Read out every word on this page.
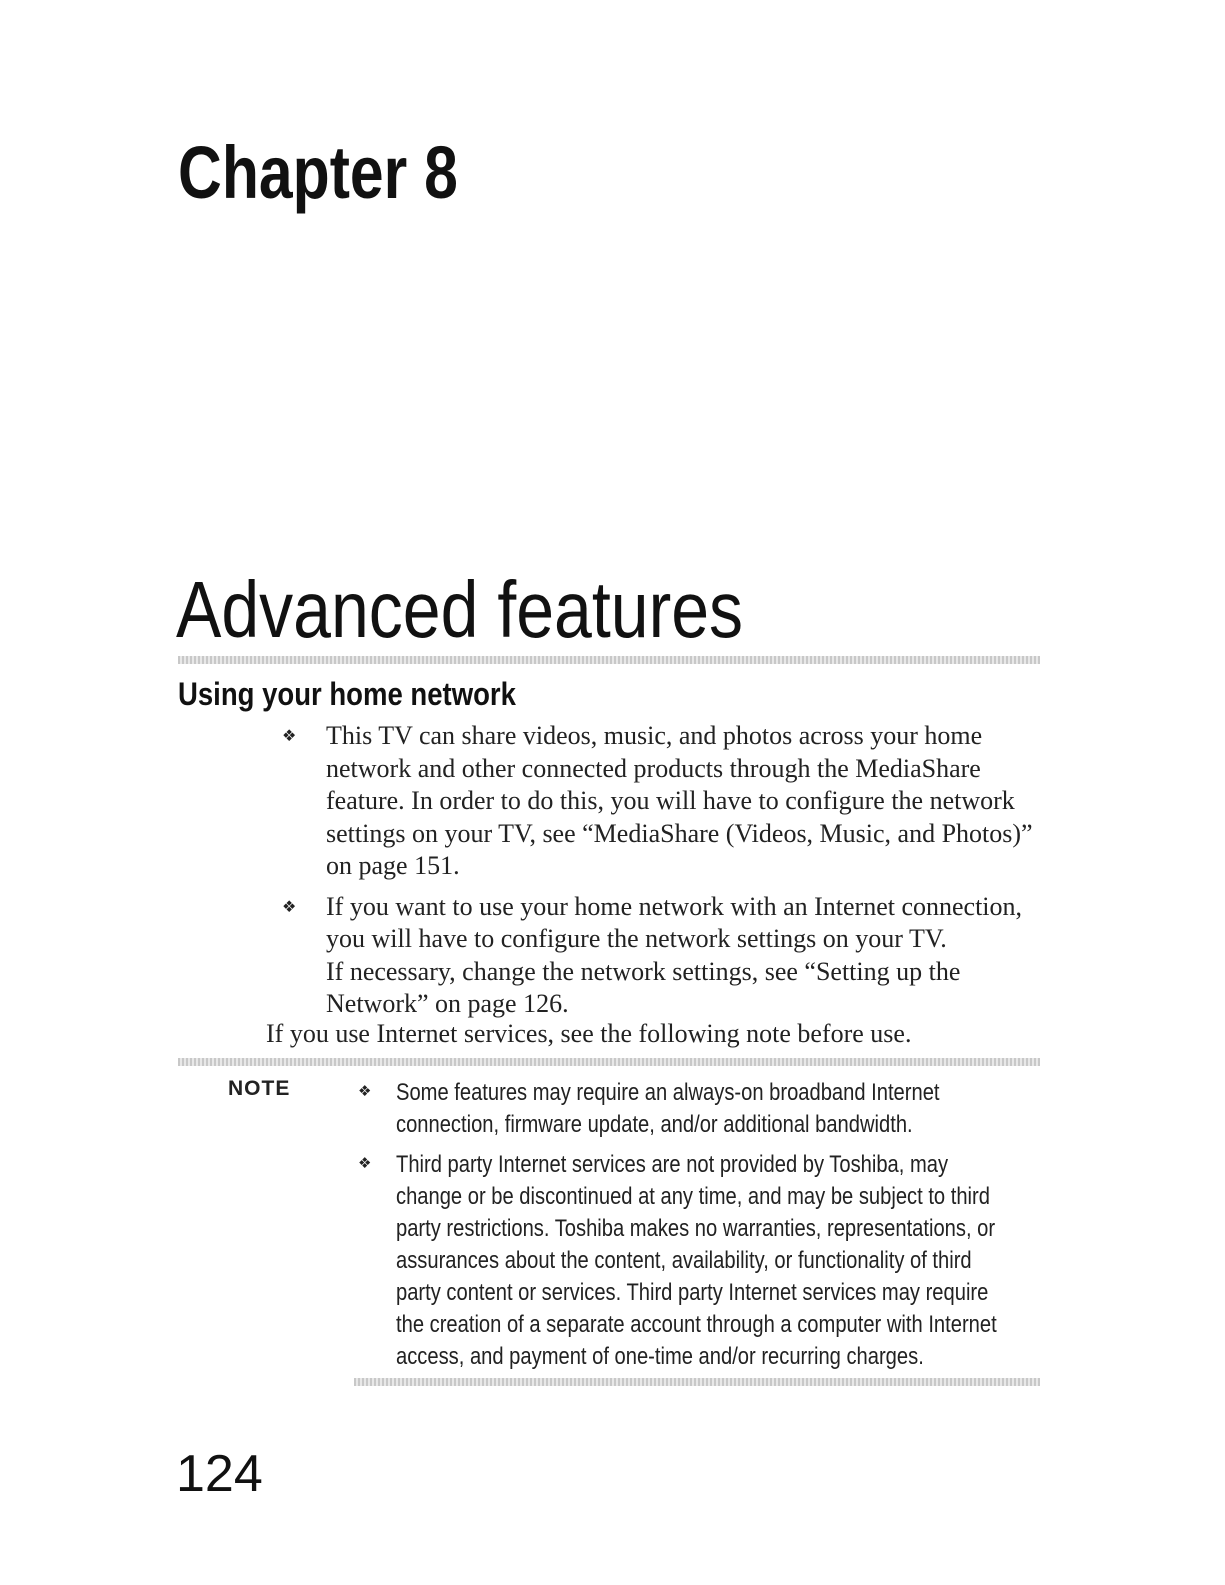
Chapter 8
Advanced features
Using your home network
❖ This TV can share videos, music, and photos across your home
network and other connected products through the MediaShare
feature. In order to do this, you will have to configure the network
settings on your TV, see “MediaShare (Videos, Music, and Photos)”
on page 151.
❖ If you want to use your home network with an Internet connection,
you will have to configure the network settings on your TV.
If necessary, change the network settings, see “Setting up the
Network” on page 126.

If you use Internet services, see the following note before use.

NOTE	❖ Some features may require an always-on broadband Internet
connection, firmware update, and/or additional bandwidth.
❖ Third party Internet services are not provided by Toshiba, may
change or be discontinued at any time, and may be subject to third
party restrictions. Toshiba makes no warranties, representations, or
assurances about the content, availability, or functionality of third
party content or services. Third party Internet services may require
the creation of a separate account through a computer with Internet
access, and payment of one-time and/or recurring charges.

124
